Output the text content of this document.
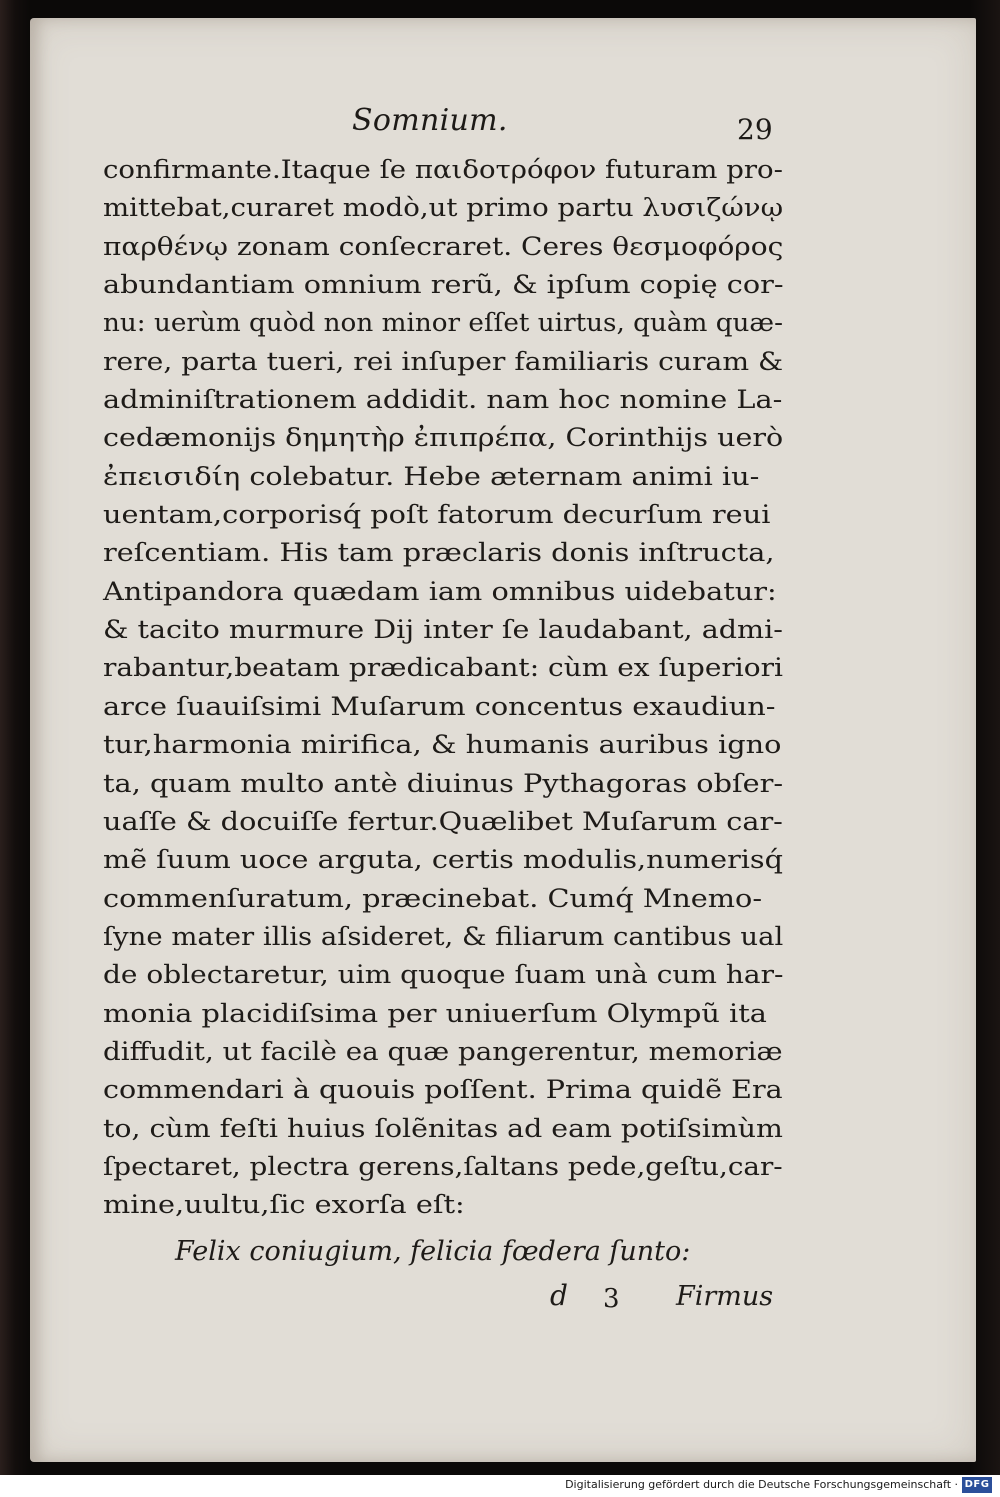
Somnium.	29
confirmante.Itaque ſe παιδοτρόφον futuram pro-
mittebat,curaret modò,ut primo partu λυσιζώνῳ
παρθένῳ zonam conſecraret. Ceres θεσμοφόρος
abundantiam omnium rerũ, & ipſum copię cor-
nu: uerùm quòd non minor eſſet uirtus, quàm quæ-
rere, parta tueri, rei inſuper familiaris curam &
adminiſtrationem addidit. nam hoc nomine La-
cedæmonijs δημητὴρ ἐπιπρέπα, Corinthijs uerò
ἐπεισιδίη colebatur. Hebe æternam animi iu-
uentam,corporisq́ poſt fatorum decurſum reui
reſcentiam. His tam præclaris donis inſtructa,
Antipandora quædam iam omnibus uidebatur:
& tacito murmure Dij inter ſe laudabant, admi-
rabantur,beatam prædicabant: cùm ex ſuperiori
arce ſuauiſsimi Muſarum concentus exaudiun-
tur,harmonia mirifica, & humanis auribus igno
ta, quam multo antè diuinus Pythagoras obſer-
uaſſe & docuiſſe fertur.Quælibet Muſarum car-
mẽ ſuum uoce arguta, certis modulis,numerisq́
commenſuratum, præcinebat. Cumq́ Mnemo-
ſyne mater illis aſsideret, & filiarum cantibus ual
de oblectaretur, uim quoque ſuam unà cum har-
monia placidiſsima per uniuerſum Olympũ ita
diffudit, ut facilè ea quæ pangerentur, memoriæ
commendari à quouis poſſent. Prima quidẽ Era
to, cùm feſti huius ſolẽnitas ad eam potiſsimùm
ſpectaret, plectra gerens,ſaltans pede,geſtu,car-
mine,uultu,ſic exorſa eſt:
Felix coniugium, felicia fœdera ſunto:
d 3 Firmus
Digitalisierung gefördert durch die Deutsche Forschungsgemeinschaft · DFG
